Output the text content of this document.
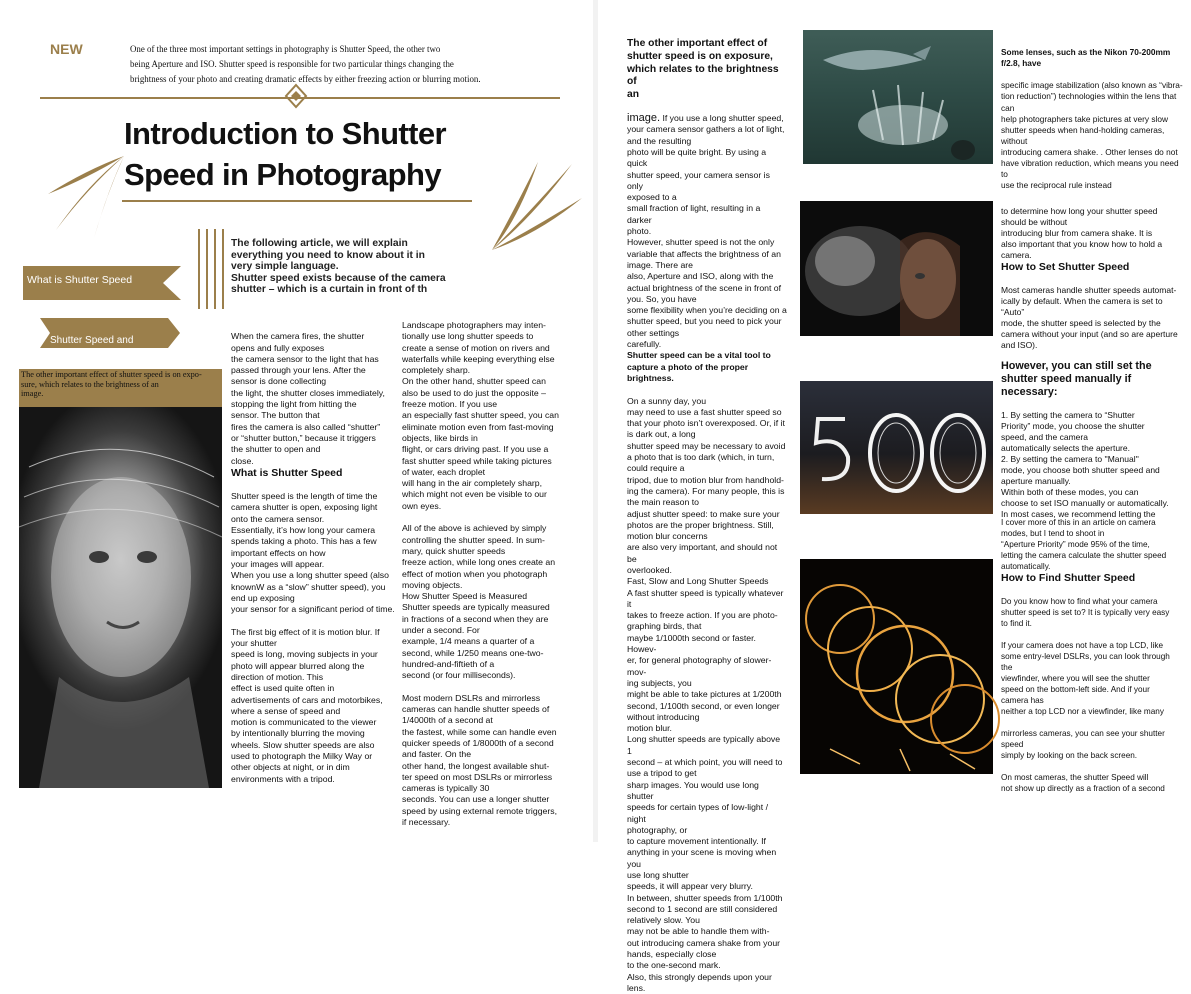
NEW	One of the three most important settings in photography is Shutter Speed, the other two
being Aperture and ISO. Shutter speed is responsible for two particular things changing the
brightness of your photo and creating dramatic effects by either freezing action or blurring motion.
Introduction to Shutter
Speed in Photography
The following article, we will explain
everything you need to know about it in
very simple language.
Shutter speed exists because of the camera
shutter – which is a curtain in front of th
What is Shutter Speed

Shutter Speed and
Exposure

The other important effect of shutter speed is on expo-
sure, which relates to the brightness of an
image.

When the camera fires, the shutter
opens and fully exposes
the camera sensor to the light that has
passed through your lens. After the
sensor is done collecting
the light, the shutter closes immediately,
stopping the light from hitting the
sensor. The button that
fires the camera is also called “shutter”
or “shutter button,” because it triggers
the shutter to open and
close.

What is Shutter Speed

Shutter speed is the length of time the
camera shutter is open, exposing light
onto the camera sensor.
Essentially, it’s how long your camera
spends taking a photo. This has a few
important effects on how
your images will appear.
When you use a long shutter speed (also
knownW as a “slow” shutter speed), you
end up exposing
your sensor for a significant period of time.

The first big effect of it is motion blur. If
your shutter
speed is long, moving subjects in your
photo will appear blurred along the
direction of motion. This
effect is used quite often in
advertisements of cars and motorbikes,
where a sense of speed and
motion is communicated to the viewer
by intentionally blurring the moving
wheels. Slow shutter speeds are also
used to photograph the Milky Way or
other objects at night, or in dim
environments with a tripod.

Landscape photographers may inten-
tionally use long shutter speeds to
create a sense of motion on rivers and
waterfalls while keeping everything else
completely sharp.
On the other hand, shutter speed can
also be used to do just the opposite –
freeze motion. If you use
an especially fast shutter speed, you can
eliminate motion even from fast-moving
objects, like birds in
flight, or cars driving past. If you use a
fast shutter speed while taking pictures
of water, each droplet
will hang in the air completely sharp,
which might not even be visible to our
own eyes.

All of the above is achieved by simply
controlling the shutter speed. In sum-
mary, quick shutter speeds
freeze action, while long ones create an
effect of motion when you photograph
moving objects.
How Shutter Speed is Measured
Shutter speeds are typically measured
in fractions of a second when they are
under a second. For
example, 1/4 means a quarter of a
second, while 1/250 means one-two-
hundred-and-fiftieth of a
second (or four milliseconds).

Most modern DSLRs and mirrorless
cameras can handle shutter speeds of
1/4000th of a second at
the fastest, while some can handle even
quicker speeds of 1/8000th of a second
and faster. On the
other hand, the longest available shut-
ter speed on most DSLRs or mirrorless
cameras is typically 30
seconds. You can use a longer shutter
speed by using external remote triggers,
if necessary.

The other important effect of
shutter speed is on exposure,
which relates to the brightness of
an

image. If you use a long shutter speed,
your camera sensor gathers a lot of light,
and the resulting
photo will be quite bright. By using a quick
shutter speed, your camera sensor is only
exposed to a
small fraction of light, resulting in a darker
photo.
However, shutter speed is not the only
variable that affects the brightness of an
image. There are
also, Aperture and ISO, along with the
actual brightness of the scene in front of
you. So, you have
some flexibility when you’re deciding on a
shutter speed, but you need to pick your
other settings
carefully.

Shutter speed can be a vital tool to
capture a photo of the proper brightness.

On a sunny day, you
may need to use a fast shutter speed so
that your photo isn’t overexposed. Or, if it
is dark out, a long
shutter speed may be necessary to avoid
a photo that is too dark (which, in turn,
could require a
tripod, due to motion blur from handhold-
ing the camera). For many people, this is
the main reason to
adjust shutter speed: to make sure your
photos are the proper brightness. Still,
motion blur concerns
are also very important, and should not be
overlooked.
Fast, Slow and Long Shutter Speeds
A fast shutter speed is typically whatever it
takes to freeze action. If you are photo-
graphing birds, that
maybe 1/1000th second or faster. Howev-
er, for general photography of slower-mov-
ing subjects, you
might be able to take pictures at 1/200th
second, 1/100th second, or even longer
without introducing
motion blur.
Long shutter speeds are typically above 1
second – at which point, you will need to
use a tripod to get
sharp images. You would use long shutter
speeds for certain types of low-light / night
photography, or
to capture movement intentionally. If
anything in your scene is moving when you
use long shutter
speeds, it will appear very blurry.
In between, shutter speeds from 1/100th
second to 1 second are still considered
relatively slow. You
may not be able to handle them with-
out introducing camera shake from your
hands, especially close
to the one-second mark.
Also, this strongly depends upon your lens.

Some lenses, such as the Nikon 70-200mm
f/2.8, have

specific image stabilization (also known as “vibra-
tion reduction”) technologies within the lens that
can
help photographers take pictures at very slow
shutter speeds when hand-holding cameras,
without
introducing camera shake. . Other lenses do not
have vibration reduction, which means you need
to
use the reciprocal rule instead

to determine how long your shutter speed
should be without
introducing blur from camera shake. It is
also important that you know how to hold a
camera.

How to Set Shutter Speed

Most cameras handle shutter speeds automat-
ically by default. When the camera is set to
“Auto”
mode, the shutter speed is selected by the
camera without your input (and so are aperture
and ISO).

However, you can still set the
shutter speed manually if
necessary:

1. By setting the camera to “Shutter
Priority” mode, you choose the shutter
speed, and the camera
automatically selects the aperture.
2. By setting the camera to ''Manual''
mode, you choose both shutter speed and
aperture manually.
Within both of these modes, you can
choose to set ISO manually or automatically.
In most cases, we recommend letting the

I cover more of this in an article on camera
modes, but I tend to shoot in
“Aperture Priority” mode 95% of the time,
letting the camera calculate the shutter speed
automatically.

How to Find Shutter Speed

Do you know how to find what your camera
shutter speed is set to? It is typically very easy
to find it.

If your camera does not have a top LCD, like
some entry-level DSLRs, you can look through
the
viewfinder, where you will see the shutter
speed on the bottom-left side. And if your
camera has
neither a top LCD nor a viewfinder, like many

mirrorless cameras, you can see your shutter
speed
simply by looking on the back screen.

On most cameras, the shutter Speed will
not show up directly as a fraction of a second
